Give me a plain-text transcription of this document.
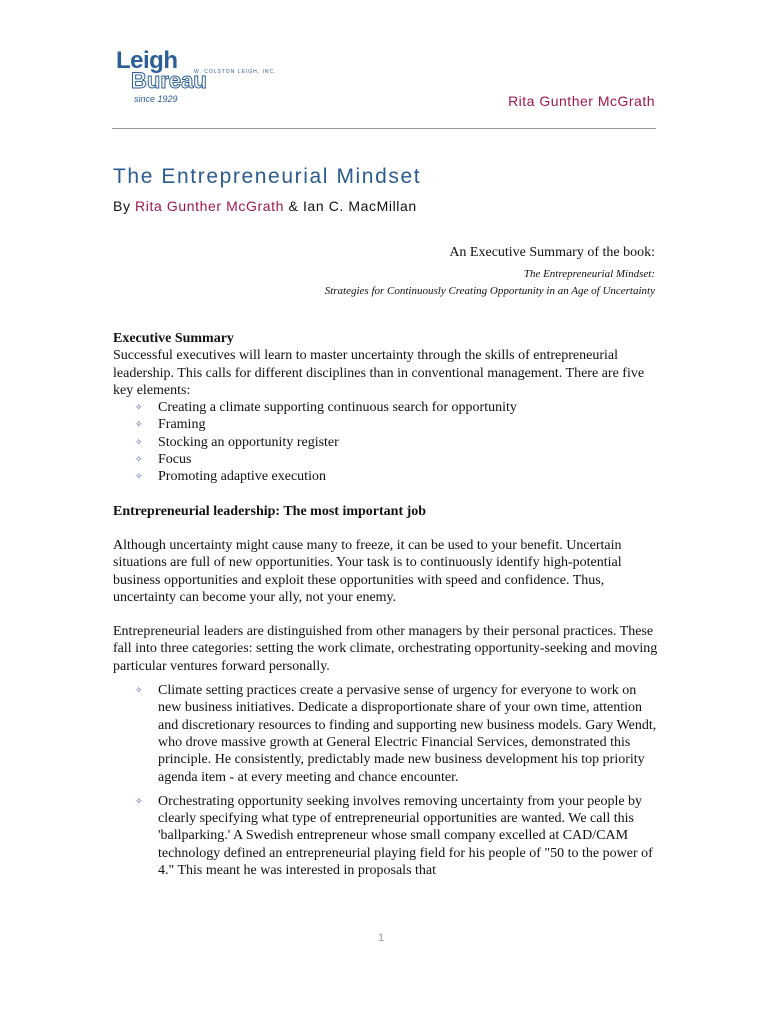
Leigh
Bureau
W. COLSTON LEIGH, INC.
since 1929	Rita Gunther McGrath
The Entrepreneurial Mindset
By Rita Gunther McGrath & Ian C. MacMillan
An Executive Summary of the book:
The Entrepreneurial Mindset:
Strategies for Continuously Creating Opportunity in an Age of Uncertainty

Executive Summary

Successful executives will learn to master uncertainty through the skills of entrepreneurial leadership. This calls for different disciplines than in conventional management. There are five key elements:

✧ Creating a climate supporting continuous search for opportunity
✧ Framing
✧ Stocking an opportunity register
✧ Focus
✧ Promoting adaptive execution

Entrepreneurial leadership: The most important job

Although uncertainty might cause many to freeze, it can be used to your benefit. Uncertain situations are full of new opportunities. Your task is to continuously identify high-potential business opportunities and exploit these opportunities with speed and confidence. Thus, uncertainty can become your ally, not your enemy.

Entrepreneurial leaders are distinguished from other managers by their personal practices. These fall into three categories: setting the work climate, orchestrating opportunity-seeking and moving particular ventures forward personally.

✧ Climate setting practices create a pervasive sense of urgency for everyone to work on new business initiatives. Dedicate a disproportionate share of your own time, attention and discretionary resources to finding and supporting new business models. Gary Wendt, who drove massive growth at General Electric Financial Services, demonstrated this principle. He consistently, predictably made new business development his top priority agenda item - at every meeting and chance encounter.
✧ Orchestrating opportunity seeking involves removing uncertainty from your people by clearly specifying what type of entrepreneurial opportunities are wanted. We call this 'ballparking.' A Swedish entrepreneur whose small company excelled at CAD/CAM technology defined an entrepreneurial playing field for his people of "50 to the power of 4." This meant he was interested in proposals that
1
